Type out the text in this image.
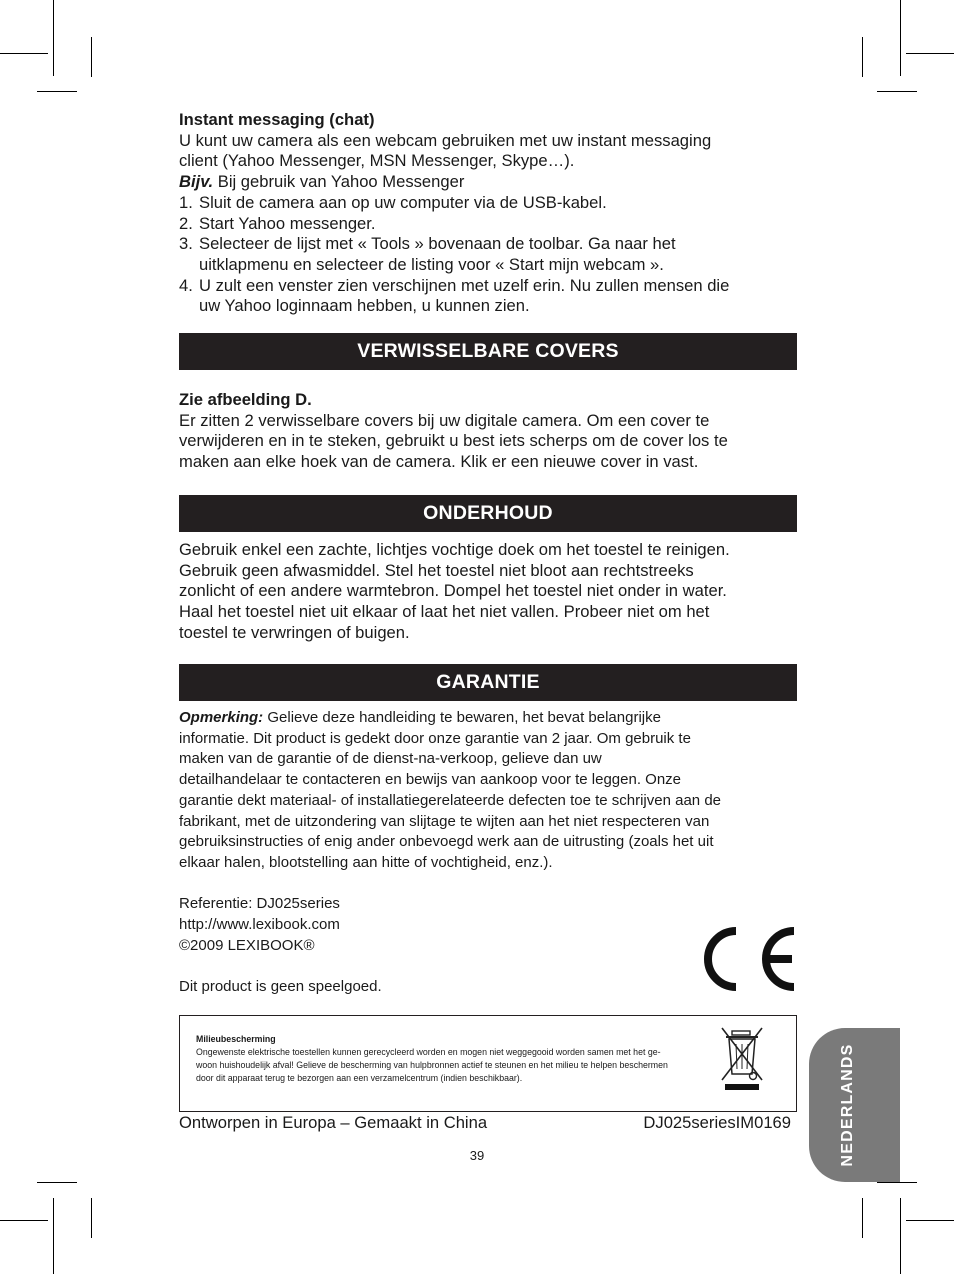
Instant messaging (chat)

U kunt uw camera als een webcam gebruiken met uw instant messaging

client (Yahoo Messenger, MSN Messenger, Skype…).

Bijv. Bij gebruik van Yahoo Messenger

1. Sluit de camera aan op uw computer via de USB-kabel.
2. Start Yahoo messenger.
3. Selecteer de lijst met « Tools » bovenaan de toolbar. Ga naar het
uitklapmenu en selecteer de listing voor « Start mijn webcam ».
4. U zult een venster zien verschijnen met uzelf erin. Nu zullen mensen die
uw Yahoo loginnaam hebben, u kunnen zien.
VERWISSELBARE COVERS

Zie afbeelding D.

Er zitten 2 verwisselbare covers bij uw digitale camera. Om een cover te

verwijderen en in te steken, gebruikt u best iets scherps om de cover los te

maken aan elke hoek van de camera. Klik er een nieuwe cover in vast.

ONDERHOUD

Gebruik enkel een zachte, lichtjes vochtige doek om het toestel te reinigen.

Gebruik geen afwasmiddel. Stel het toestel niet bloot aan rechtstreeks

zonlicht of een andere warmtebron. Dompel het toestel niet onder in water.

Haal het toestel niet uit elkaar of laat het niet vallen. Probeer niet om het

toestel te verwringen of buigen.

GARANTIE

Opmerking: Gelieve deze handleiding te bewaren, het bevat belangrijke

informatie. Dit product is gedekt door onze garantie van 2 jaar. Om gebruik te

maken van de garantie of de dienst-na-verkoop, gelieve dan uw

detailhandelaar te contacteren en bewijs van aankoop voor te leggen. Onze

garantie dekt materiaal- of installatiegerelateerde defecten toe te schrijven aan de

fabrikant, met de uitzondering van slijtage te wijten aan het niet respecteren van

gebruiksinstructies of enig ander onbevoegd werk aan de uitrusting (zoals het uit

elkaar halen, blootstelling aan hitte of vochtigheid, enz.).

Referentie: DJ025series

http://www.lexibook.com

©2009 LEXIBOOK®

Dit product is geen speelgoed.

Milieubescherming
Ongewenste elektrische toestellen kunnen gerecycleerd worden en mogen niet weggegooid worden samen met het ge-
woon huishoudelijk afval! Gelieve de bescherming van hulpbronnen actief te steunen en het milieu te helpen beschermen
door dit apparaat terug te bezorgen aan een verzamelcentrum (indien beschikbaar).
Ontworpen in Europa – Gemaakt in China	DJ025seriesIM0169
39	NEDERLANDS
